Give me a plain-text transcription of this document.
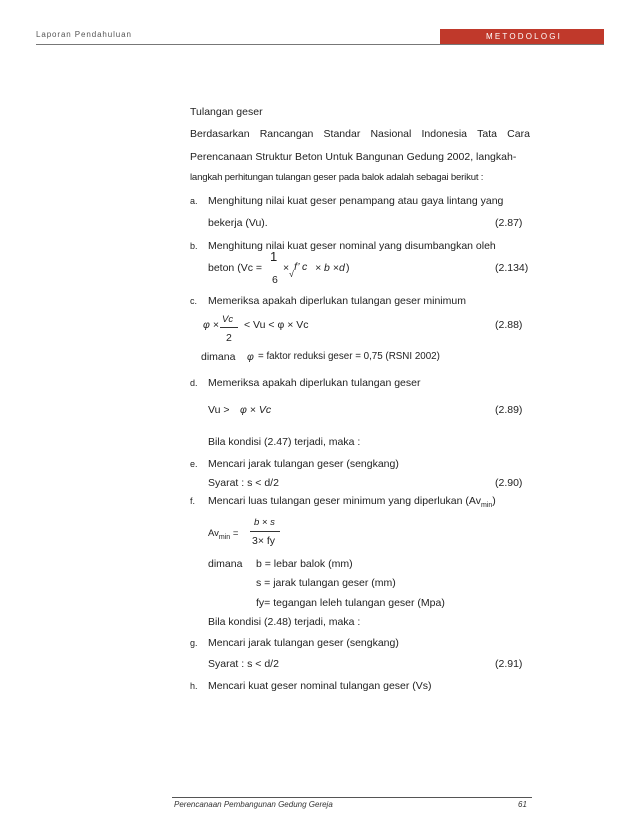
Laporan Pendahuluan	METODOLOGI
Tulangan geser
Berdasarkan Rancangan Standar Nasional Indonesia Tata Cara
Perencanaan Struktur Beton Untuk Bangunan Gedung 2002, langkah-
langkah perhitungan tulangan geser pada balok adalah sebagai berikut :
a. Menghitung nilai kuat geser penampang atau gaya lintang yang
bekerja (Vu).	(2.87)
b. Menghitung nilai kuat geser nominal yang disumbangkan oleh
beton (Vc =
1
6
× f’ c
√ × b ×d )	(2.134)
c. Memeriksa apakah diperlukan tulangan geser minimum
φ × Vc
2
< Vu < φ × Vc	(2.88)
dimana φ = faktor reduksi geser = 0,75 (RSNI 2002)
d. Memeriksa apakah diperlukan tulangan geser
Vu > φ × Vc	(2.89)
Bila kondisi (2.47) terjadi, maka :
e. Mencari jarak tulangan geser (sengkang)
Syarat : s < d/2	(2.90)
f. Mencari luas tulangan geser minimum yang diperlukan $(Av_{min})$
$Av_{min}$ =
b × s
3× fy
dimana b = lebar balok (mm)
s = jarak tulangan geser (mm)
fy= tegangan leleh tulangan geser (Mpa)
Bila kondisi (2.48) terjadi, maka :
g. Mencari jarak tulangan geser (sengkang)
Syarat : s < d/2	(2.91)
h. Mencari kuat geser nominal tulangan geser (Vs)
Perencanaan Pembangunan Gedung Gereja	61
